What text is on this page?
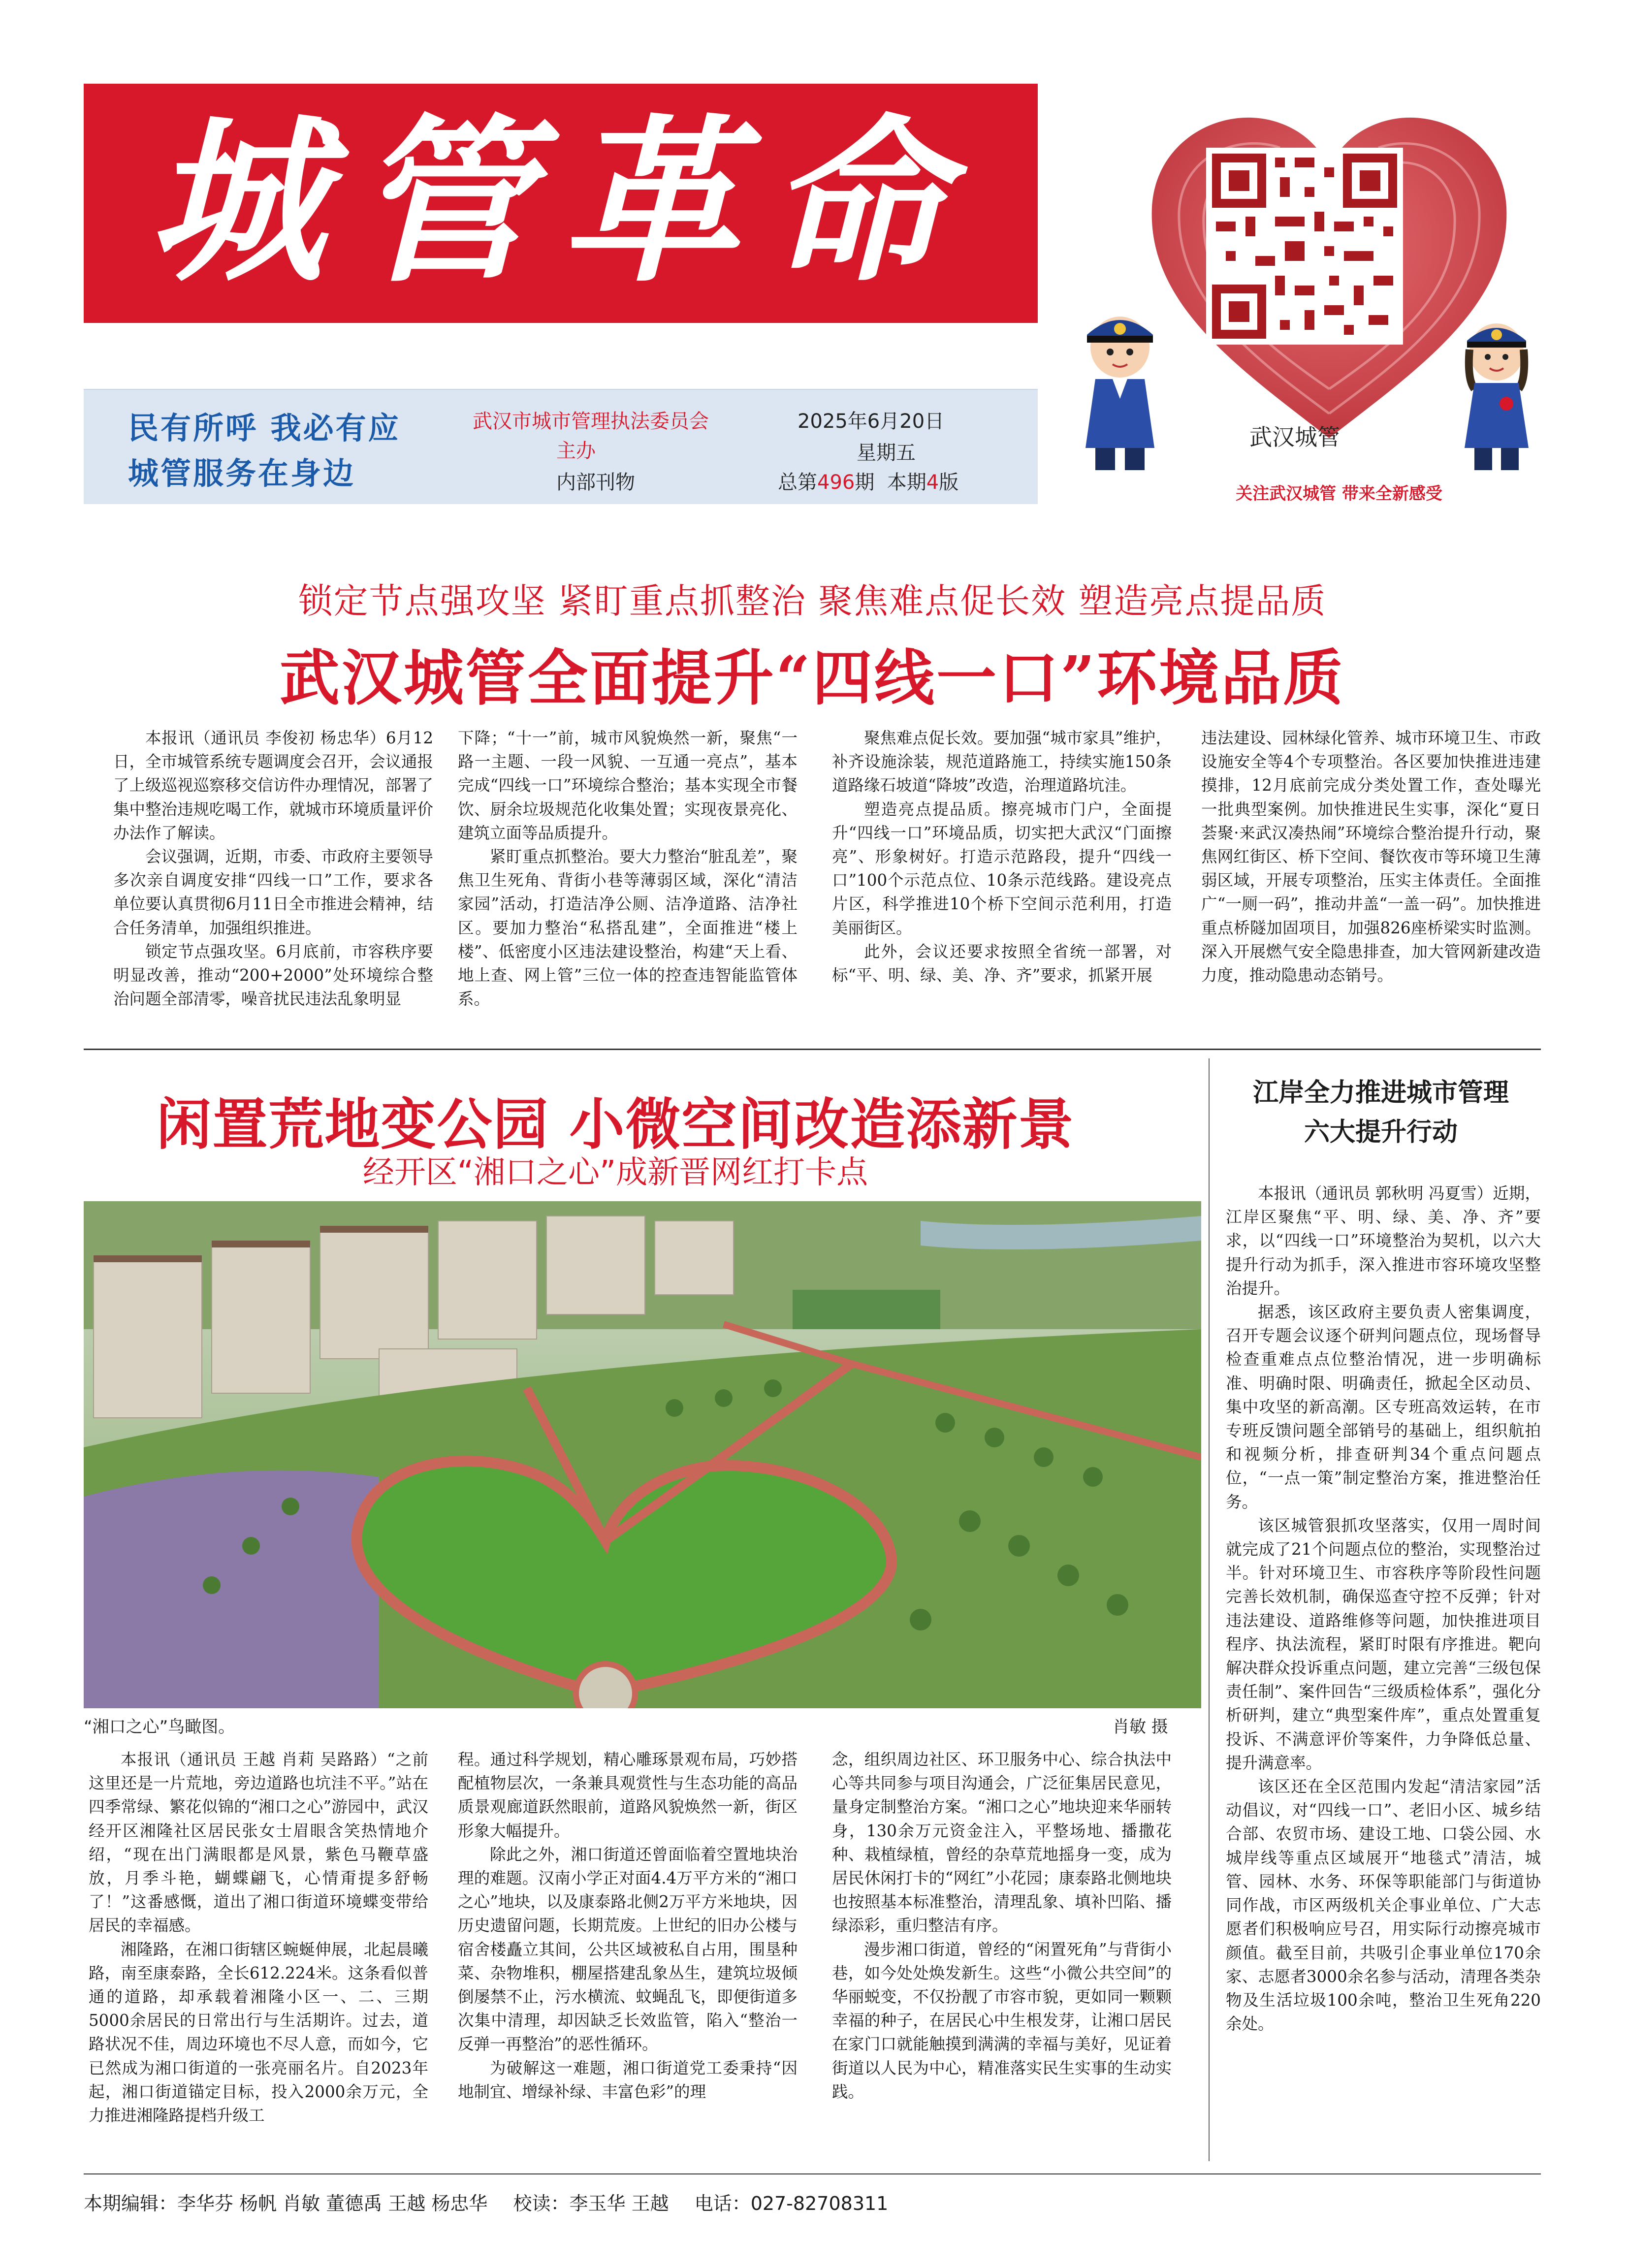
城管革命
民有所呼 我必有应
城管服务在身边
武汉市城市管理执法委员会
主办
内部刊物
2025年6月20日
星期五
总第496期 本期4版
武汉城管
关注武汉城管 带来全新感受
锁定节点强攻坚 紧盯重点抓整治 聚焦难点促长效 塑造亮点提品质
武汉城管全面提升“四线一口”环境品质

本报讯（通讯员 李俊初 杨忠华）6月12日，全市城管系统专题调度会召开，会议通报了上级巡视巡察移交信访件办理情况，部署了集中整治违规吃喝工作，就城市环境质量评价办法作了解读。

会议强调，近期，市委、市政府主要领导多次亲自调度安排“四线一口”工作，要求各单位要认真贯彻6月11日全市推进会精神，结合任务清单，加强组织推进。

锁定节点强攻坚。6月底前，市容秩序要明显改善，推动“200+2000”处环境综合整治问题全部清零，噪音扰民违法乱象明显

下降；“十一”前，城市风貌焕然一新，聚焦“一路一主题、一段一风貌、一互通一亮点”，基本完成“四线一口”环境综合整治；基本实现全市餐饮、厨余垃圾规范化收集处置；实现夜景亮化、建筑立面等品质提升。

紧盯重点抓整治。要大力整治“脏乱差”，聚焦卫生死角、背街小巷等薄弱区域，深化“清洁家园”活动，打造洁净公厕、洁净道路、洁净社区。要加力整治“私搭乱建”，全面推进“楼上楼”、低密度小区违法建设整治，构建“天上看、地上查、网上管”三位一体的控查违智能监管体系。

聚焦难点促长效。要加强“城市家具”维护，补齐设施涂装，规范道路施工，持续实施150条道路缘石坡道“降坡”改造，治理道路坑洼。

塑造亮点提品质。擦亮城市门户，全面提升“四线一口”环境品质，切实把大武汉“门面擦亮”、形象树好。打造示范路段，提升“四线一口”100个示范点位、10条示范线路。建设亮点片区，科学推进10个桥下空间示范利用，打造美丽街区。

此外，会议还要求按照全省统一部署，对标“平、明、绿、美、净、齐”要求，抓紧开展

违法建设、园林绿化管养、城市环境卫生、市政设施安全等4个专项整治。各区要加快推进违建摸排，12月底前完成分类处置工作，查处曝光一批典型案例。加快推进民生实事，深化“夏日荟聚·来武汉凑热闹”环境综合整治提升行动，聚焦网红街区、桥下空间、餐饮夜市等环境卫生薄弱区域，开展专项整治，压实主体责任。全面推广“一厕一码”，推动井盖“一盖一码”。加快推进重点桥隧加固项目，加强826座桥梁实时监测。深入开展燃气安全隐患排查，加大管网新建改造力度，推动隐患动态销号。

闲置荒地变公园 小微空间改造添新景
经开区“湘口之心”成新晋网红打卡点
“湘口之心”鸟瞰图。	肖敏 摄

本报讯（通讯员 王越 肖莉 吴路路）“之前这里还是一片荒地，旁边道路也坑洼不平。”站在四季常绿、繁花似锦的“湘口之心”游园中，武汉经开区湘隆社区居民张女士眉眼含笑热情地介绍，“现在出门满眼都是风景，紫色马鞭草盛放，月季斗艳，蝴蝶翩飞，心情甭提多舒畅了！”这番感慨，道出了湘口街道环境蝶变带给居民的幸福感。

湘隆路，在湘口街辖区蜿蜒伸展，北起晨曦路，南至康泰路，全长612.224米。这条看似普通的道路，却承载着湘隆小区一、二、三期5000余居民的日常出行与生活期许。过去，道路状况不佳，周边环境也不尽人意，而如今，它已然成为湘口街道的一张亮丽名片。自2023年起，湘口街道锚定目标，投入2000余万元，全力推进湘隆路提档升级工

程。通过科学规划，精心雕琢景观布局，巧妙搭配植物层次，一条兼具观赏性与生态功能的高品质景观廊道跃然眼前，道路风貌焕然一新，街区形象大幅提升。

除此之外，湘口街道还曾面临着空置地块治理的难题。汉南小学正对面4.4万平方米的“湘口之心”地块，以及康泰路北侧2万平方米地块，因历史遗留问题，长期荒废。上世纪的旧办公楼与宿舍楼矗立其间，公共区域被私自占用，围垦种菜、杂物堆积，棚屋搭建乱象丛生，建筑垃圾倾倒屡禁不止，污水横流、蚊蝇乱飞，即便街道多次集中清理，却因缺乏长效监管，陷入“整治一反弹一再整治”的恶性循环。

为破解这一难题，湘口街道党工委秉持“因地制宜、增绿补绿、丰富色彩”的理

念，组织周边社区、环卫服务中心、综合执法中心等共同参与项目沟通会，广泛征集居民意见，量身定制整治方案。“湘口之心”地块迎来华丽转身，130余万元资金注入，平整场地、播撒花种、栽植绿植，曾经的杂草荒地摇身一变，成为居民休闲打卡的“网红”小花园；康泰路北侧地块也按照基本标准整治，清理乱象、填补凹陷、播绿添彩，重归整洁有序。

漫步湘口街道，曾经的“闲置死角”与背街小巷，如今处处焕发新生。这些“小微公共空间”的华丽蜕变，不仅扮靓了市容市貌，更如同一颗颗幸福的种子，在居民心中生根发芽，让湘口居民在家门口就能触摸到满满的幸福与美好，见证着街道以人民为中心，精准落实民生实事的生动实践。

江岸全力推进城市管理
六大提升行动

本报讯（通讯员 郭秋明 冯夏雪）近期，江岸区聚焦“平、明、绿、美、净、齐”要求，以“四线一口”环境整治为契机，以六大提升行动为抓手，深入推进市容环境攻坚整治提升。

据悉，该区政府主要负责人密集调度，召开专题会议逐个研判问题点位，现场督导检查重难点点位整治情况，进一步明确标准、明确时限、明确责任，掀起全区动员、集中攻坚的新高潮。区专班高效运转，在市专班反馈问题全部销号的基础上，组织航拍和视频分析，排查研判34个重点问题点位，“一点一策”制定整治方案，推进整治任务。

该区城管狠抓攻坚落实，仅用一周时间就完成了21个问题点位的整治，实现整治过半。针对环境卫生、市容秩序等阶段性问题完善长效机制，确保巡查守控不反弹；针对违法建设、道路维修等问题，加快推进项目程序、执法流程，紧盯时限有序推进。靶向解决群众投诉重点问题，建立完善“三级包保责任制”、案件回告“三级质检体系”，强化分析研判，建立“典型案件库”，重点处置重复投诉、不满意评价等案件，力争降低总量、提升满意率。

该区还在全区范围内发起“清洁家园”活动倡议，对“四线一口”、老旧小区、城乡结合部、农贸市场、建设工地、口袋公园、水城岸线等重点区域展开“地毯式”清洁，城管、园林、水务、环保等职能部门与街道协同作战，市区两级机关企事业单位、广大志愿者们积极响应号召，用实际行动擦亮城市颜值。截至目前，共吸引企事业单位170余家、志愿者3000余名参与活动，清理各类杂物及生活垃圾100余吨，整治卫生死角220余处。

本期编辑：李华芬 杨帆 肖敏 董德禹 王越 杨忠华 校读：李玉华 王越 电话：027-82708311
